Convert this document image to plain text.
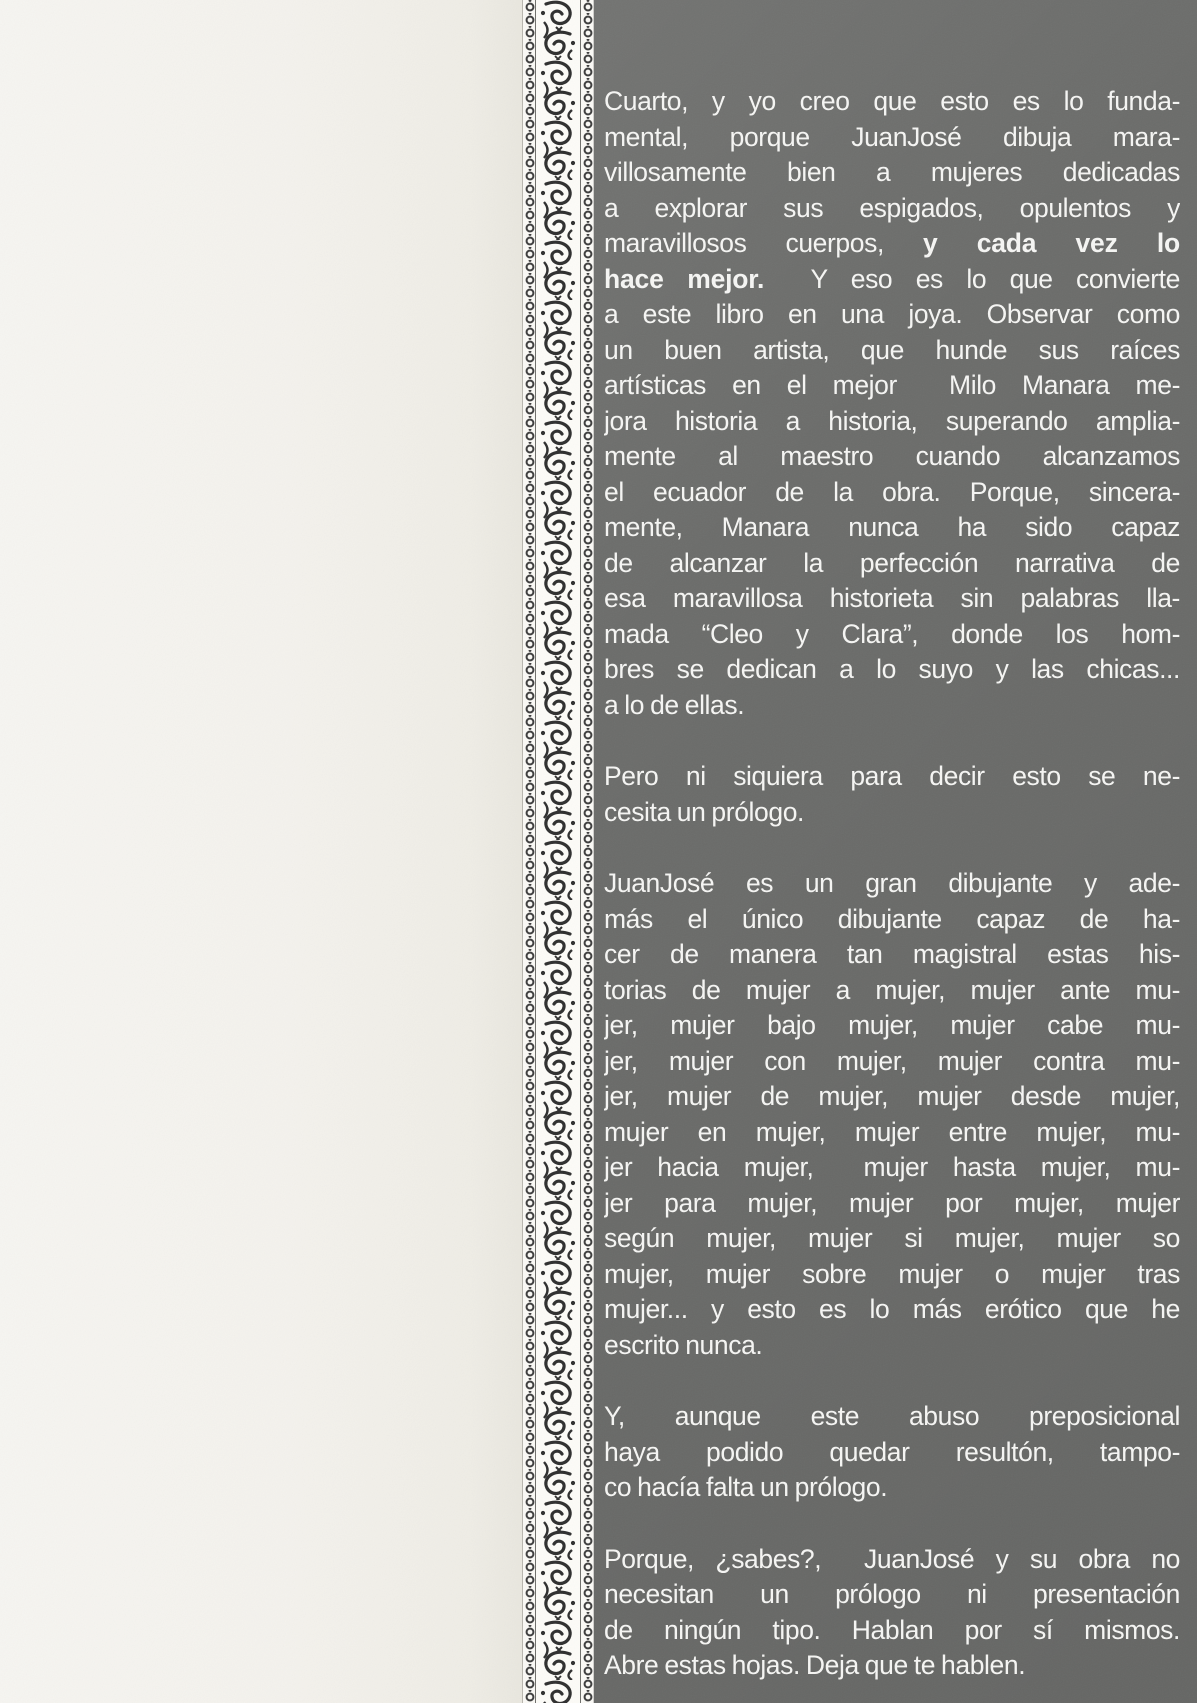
Cuarto, y yo creo que esto es lo funda-
mental, porque JuanJosé dibuja mara-
villosamente bien a mujeres dedicadas
a explorar sus espigados, opulentos y
maravillosos cuerpos, y cada vez lo
hace mejor.  Y eso es lo que convierte
a este libro en una joya. Observar como
un buen artista, que hunde sus raíces
artísticas en el mejor  Milo Manara me-
jora historia a historia, superando amplia-
mente al maestro cuando alcanzamos
el ecuador de la obra. Porque, sincera-
mente, Manara nunca ha sido capaz
de alcanzar la perfección narrativa de
esa maravillosa historieta sin palabras lla-
mada “Cleo y Clara”, donde los hom-
bres se dedican a lo suyo y las chicas...
a lo de ellas.

Pero ni siquiera para decir esto se ne-
cesita un prólogo.

JuanJosé es un gran dibujante y ade-
más el único dibujante capaz de ha-
cer de manera tan magistral estas his-
torias de mujer a mujer, mujer ante mu-
jer, mujer bajo mujer, mujer cabe mu-
jer, mujer con mujer, mujer contra mu-
jer, mujer de mujer, mujer desde mujer,
mujer en mujer, mujer entre mujer, mu-
jer hacia mujer,  mujer hasta mujer, mu-
jer para mujer, mujer por mujer, mujer
según mujer, mujer si mujer, mujer so
mujer, mujer sobre mujer o mujer tras
mujer... y esto es lo más erótico que he
escrito nunca.

Y, aunque este abuso preposicional
haya podido quedar resultón, tampo-
co hacía falta un prólogo.

Porque, ¿sabes?,  JuanJosé y su obra no
necesitan un prólogo ni presentación
de ningún tipo. Hablan por sí mismos.
Abre estas hojas. Deja que te hablen.
